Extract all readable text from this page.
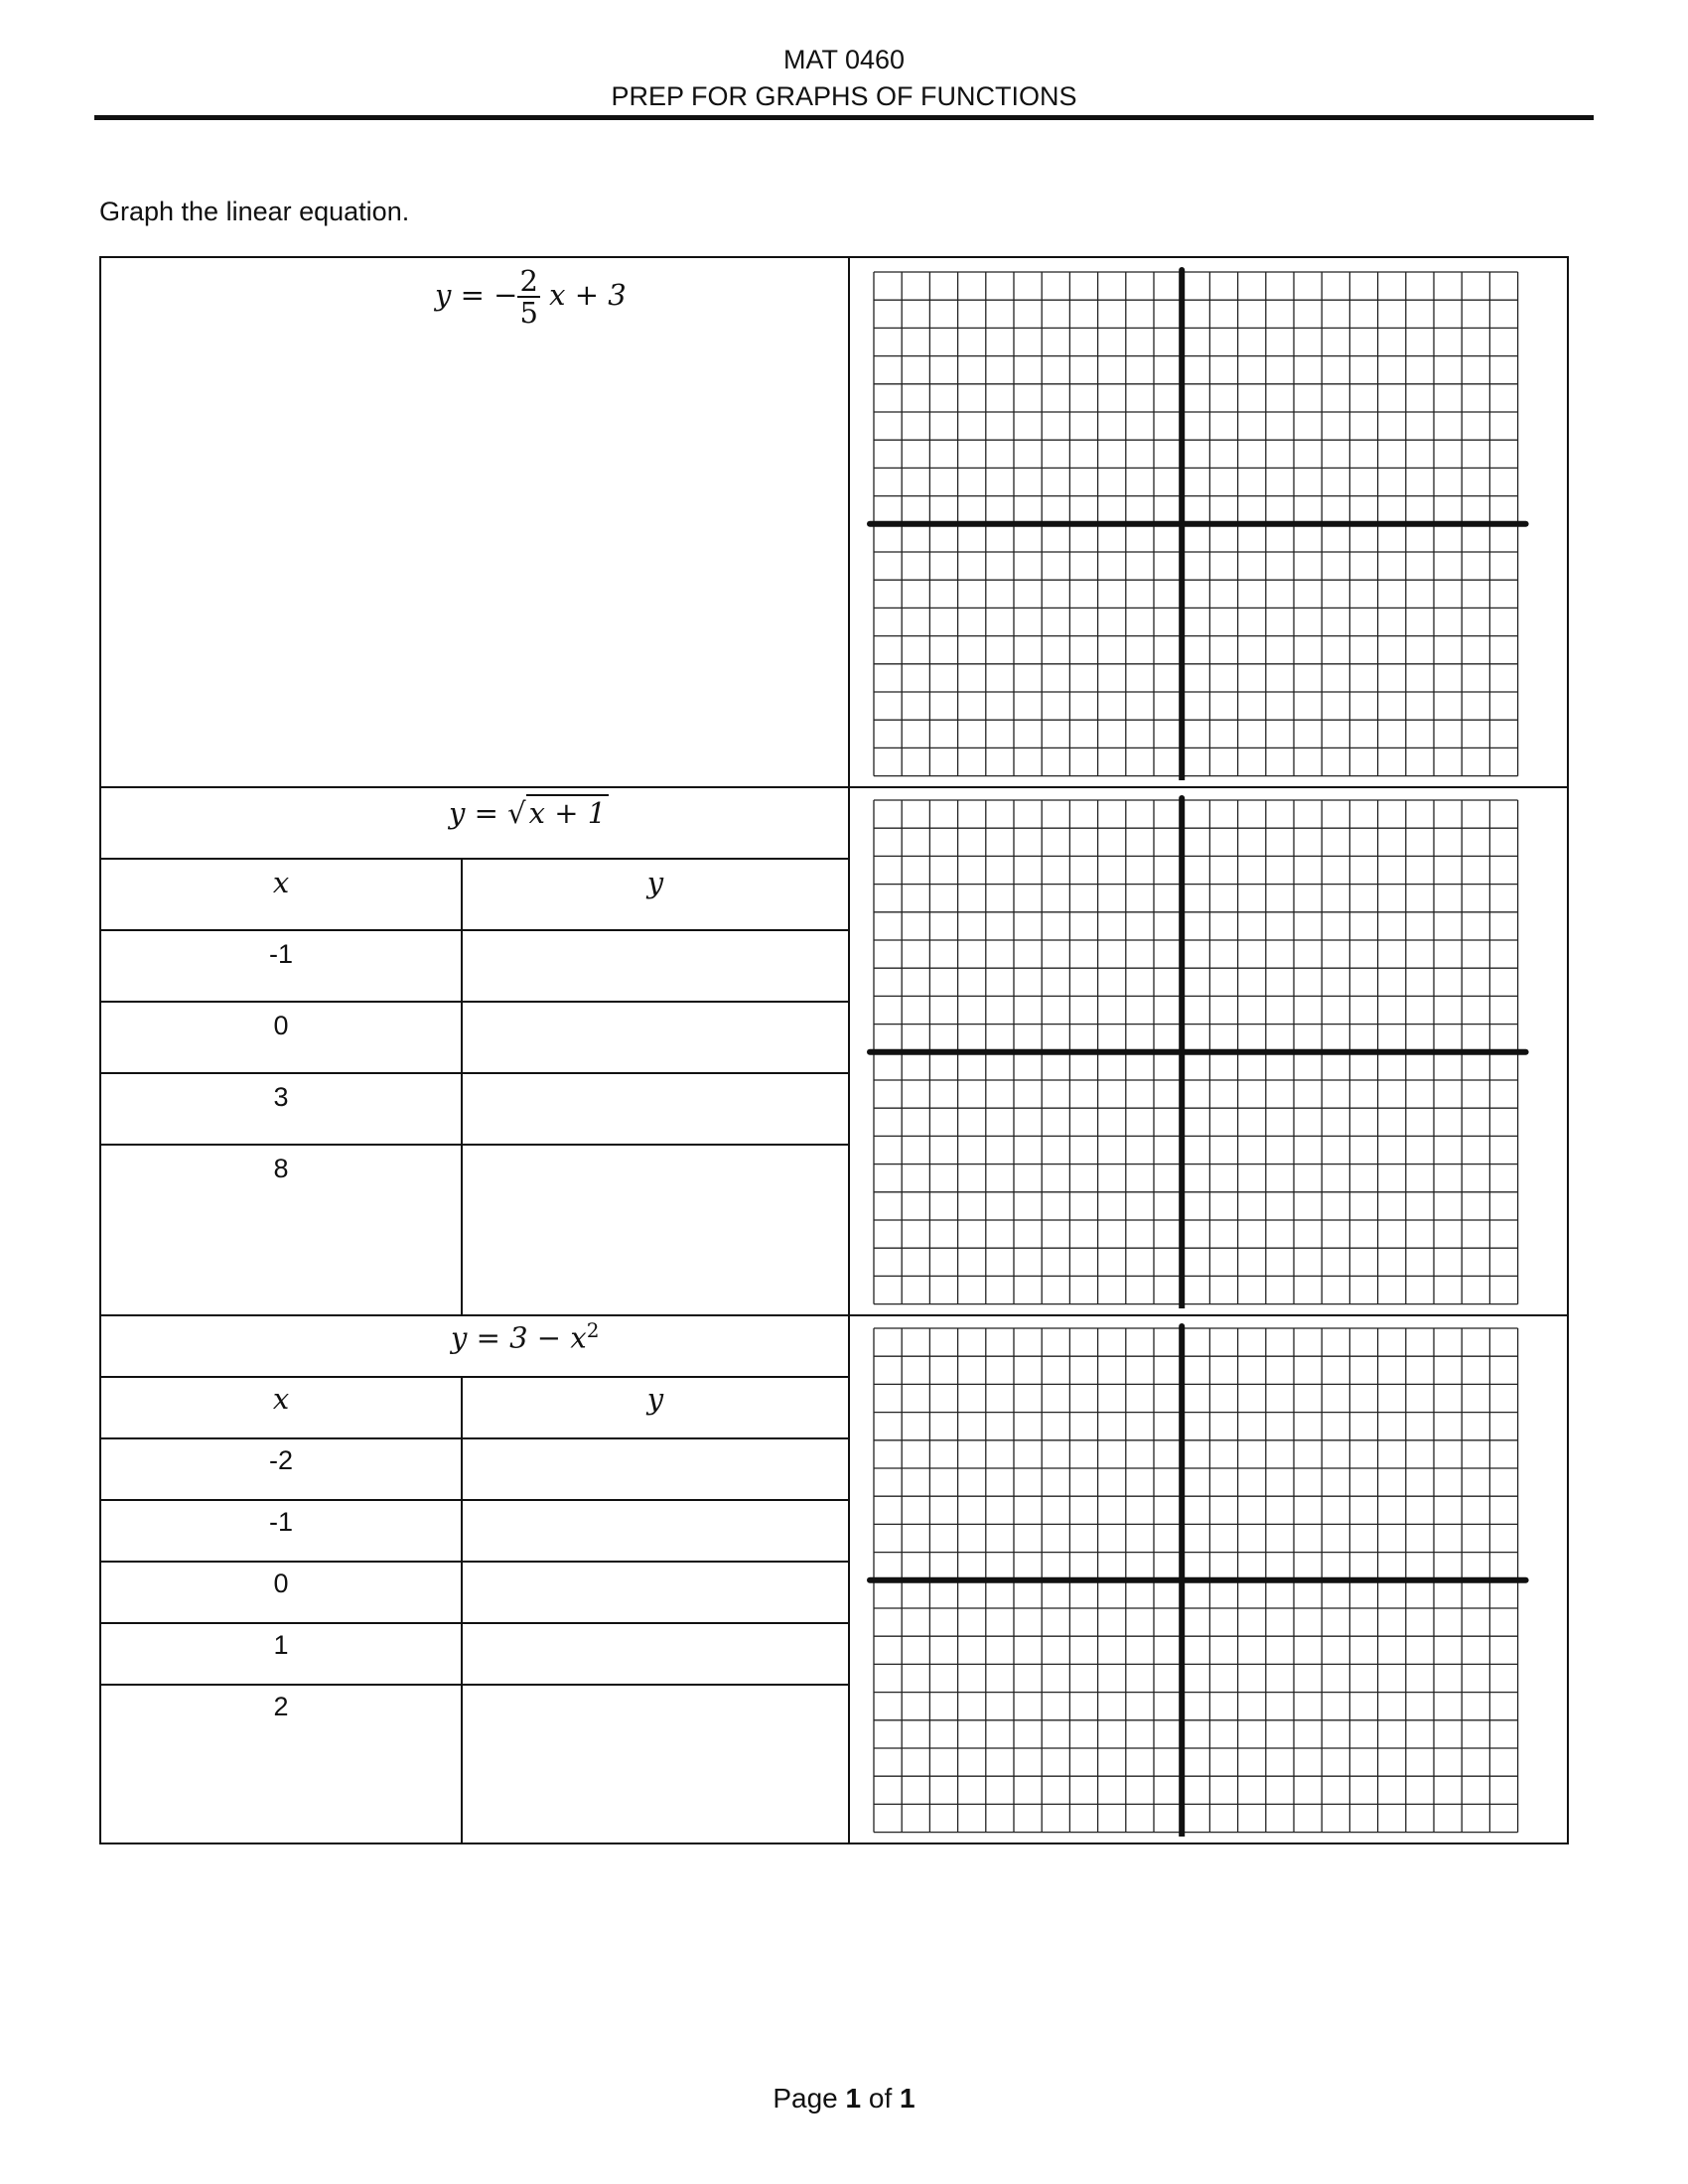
MAT 0460
PREP FOR GRAPHS OF FUNCTIONS
Graph the linear equation.
y = − $\frac{2}{5}$ x + 3
y = √ x + 1
x	y
-1
0
3
8
$y = 3 - x^2$
x	y
-2
-1
0
1
2
Page 1 of 1
